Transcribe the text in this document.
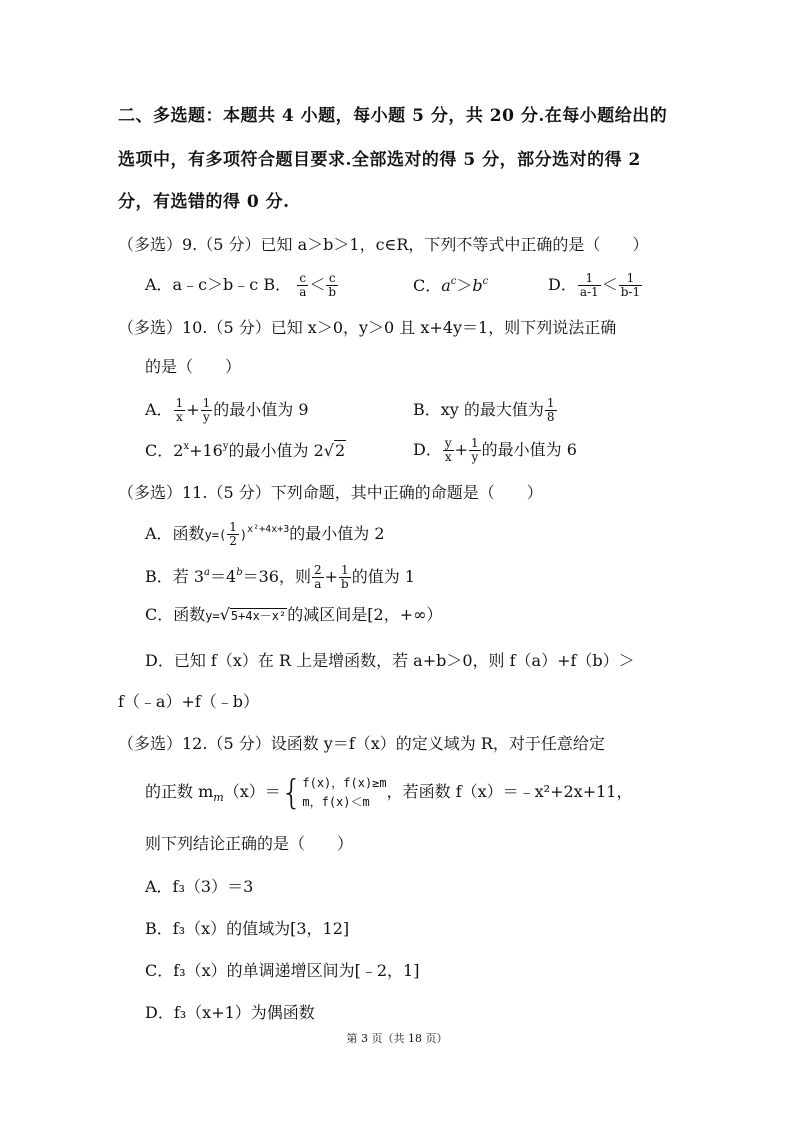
二、多选题：本题共 4 小题，每小题 5 分，共 20 分.在每小题给出的
选项中，有多项符合题目要求.全部选对的得 5 分，部分选对的得 2
分，有选错的得 0 分.
（多选）9.（5 分）已知 a＞b＞1，c∈R，下列不等式中正确的是（　　）
A．a﹣c＞b﹣c B． $\frac{c}{a} < \frac{c}{b}$	C．$a^c>b^c$	D． $\frac{1}{a-1} < \frac{1}{b-1}$
（多选）10.（5 分）已知 x＞0，y＞0 且 x+4y＝1，则下列说法正确
的是（　　）
A． $\frac{1}{x} + \frac{1}{y}$ 的最小值为 9	B．xy 的最大值为 $\frac{1}{8}$
C．$2^x+16^y$的最小值为 2√2	D． $\frac{y}{x} + \frac{1}{y}$ 的最小值为 6
（多选）11.（5 分）下列命题，其中正确的命题是（　　）
A．函数$y=( \frac{1}{2} )^{x^2+4x+3}$的最小值为 2
B．若 $3^a=4^b=36$，则 $\frac{2}{a} + \frac{1}{b}$ 的值为 1
C．函数y=√5+4x－x²的减区间是[2，+∞）
D．已知 f（x）在 R 上是增函数，若 a+b＞0，则 f（a）+f（b）＞
f（﹣a）+f（﹣b）
（多选）12.（5 分）设函数 y＝f（x）的定义域为 R，对于任意给定
的正数 $m_m(x)=${ f(x)，f(x)≥m
m，f(x)＜m
，若函数 f（x）＝﹣x²+2x+11，
则下列结论正确的是（　　）
A．f₃（3）＝3
B．f₃（x）的值域为[3，12]
C．f₃（x）的单调递增区间为[﹣2，1]
D．f₃（x+1）为偶函数
第 3 页（共 18 页）
